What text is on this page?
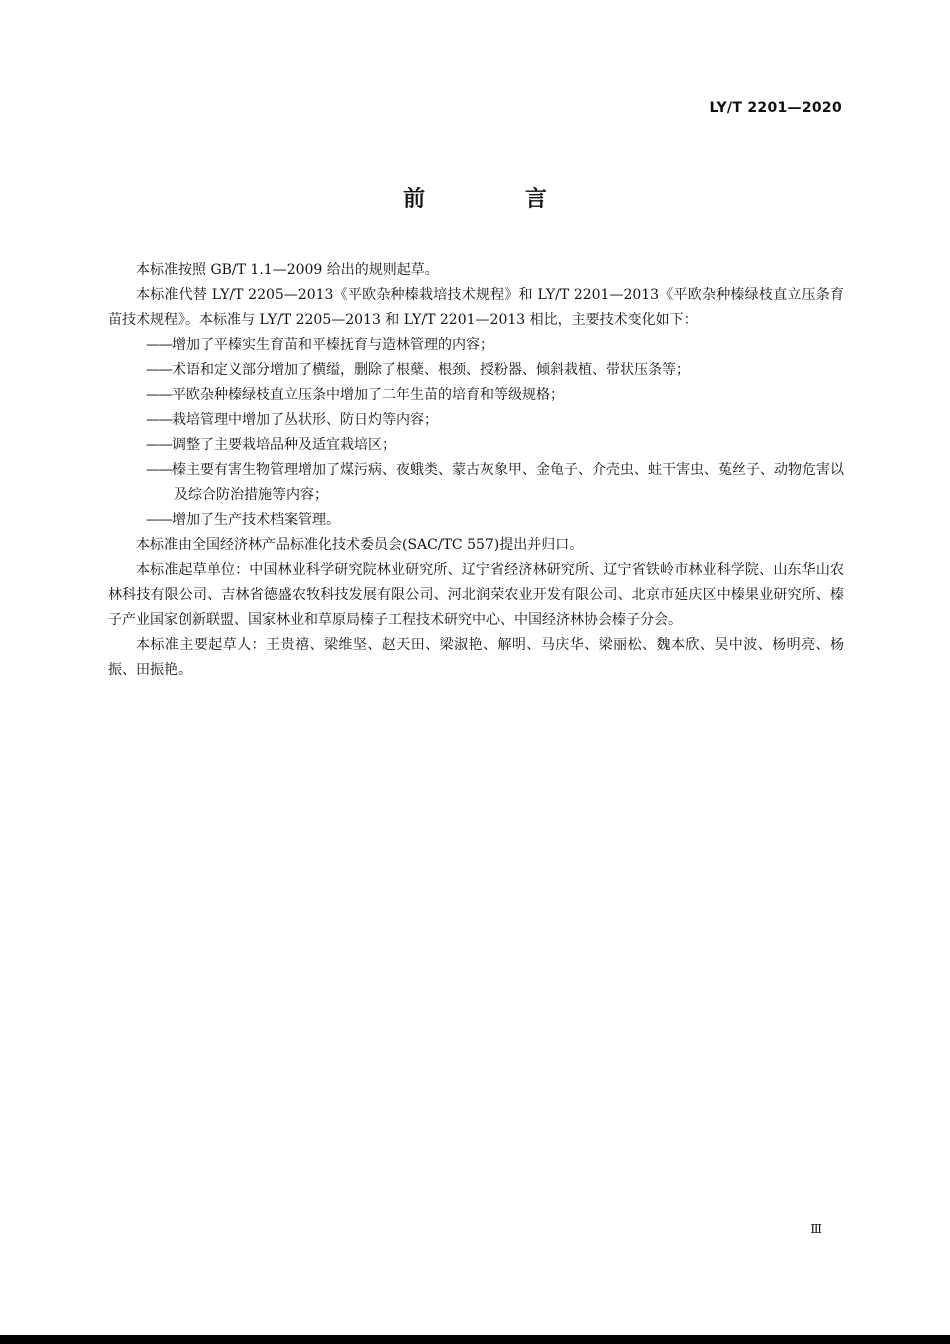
LY/T 2201—2020
前 言

本标准按照 GB/T 1.1—2009 给出的规则起草。

本标准代替 LY/T 2205—2013《平欧杂种榛栽培技术规程》和 LY/T 2201—2013《平欧杂种榛绿枝直立压条育苗技术规程》。本标准与 LY/T 2205—2013 和 LY/T 2201—2013 相比，主要技术变化如下：

——增加了平榛实生育苗和平榛抚育与造林管理的内容；

——术语和定义部分增加了横缢，删除了根蘖、根颈、授粉器、倾斜栽植、带状压条等；

——平欧杂种榛绿枝直立压条中增加了二年生苗的培育和等级规格；

——栽培管理中增加了丛状形、防日灼等内容；

——调整了主要栽培品种及适宜栽培区；

——榛主要有害生物管理增加了煤污病、夜蛾类、蒙古灰象甲、金龟子、介壳虫、蛀干害虫、菟丝子、动物危害以及综合防治措施等内容；

——增加了生产技术档案管理。

本标准由全国经济林产品标准化技术委员会(SAC/TC 557)提出并归口。

本标准起草单位：中国林业科学研究院林业研究所、辽宁省经济林研究所、辽宁省铁岭市林业科学院、山东华山农林科技有限公司、吉林省德盛农牧科技发展有限公司、河北润荣农业开发有限公司、北京市延庆区中榛果业研究所、榛子产业国家创新联盟、国家林业和草原局榛子工程技术研究中心、中国经济林协会榛子分会。

本标准主要起草人：王贵禧、梁维坚、赵天田、梁淑艳、解明、马庆华、梁丽松、魏本欣、吴中波、杨明亮、杨振、田振艳。

Ⅲ
